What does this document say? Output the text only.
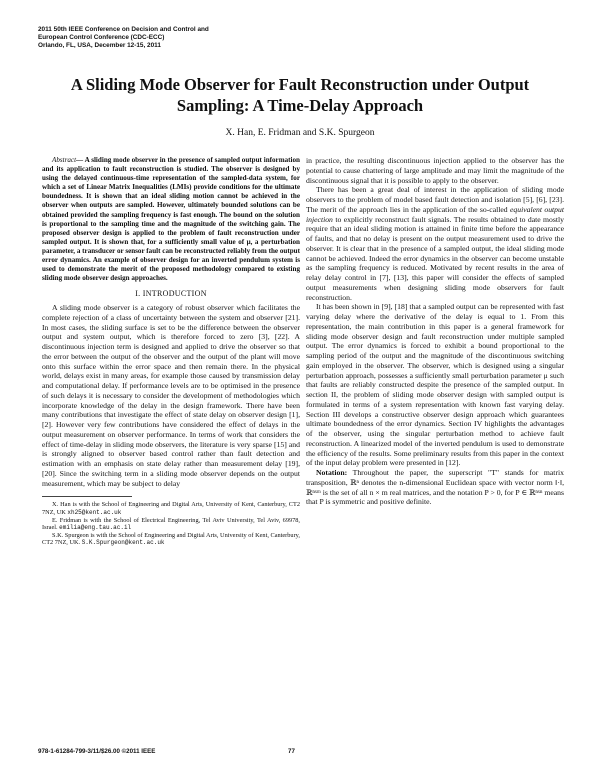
2011 50th IEEE Conference on Decision and Control and
European Control Conference (CDC-ECC)
Orlando, FL, USA, December 12-15, 2011
A Sliding Mode Observer for Fault Reconstruction under Output
Sampling: A Time-Delay Approach
X. Han, E. Fridman and S.K. Spurgeon

Abstract— A sliding mode observer in the presence of sampled output information and its application to fault reconstruction is studied. The observer is designed by using the delayed continuous-time representation of the sampled-data system, for which a set of Linear Matrix Inequalities (LMIs) provide conditions for the ultimate boundedness. It is shown that an ideal sliding motion cannot be achieved in the observer when outputs are sampled. However, ultimately bounded solutions can be obtained provided the sampling frequency is fast enough. The bound on the solution is proportional to the sampling time and the magnitude of the switching gain. The proposed observer design is applied to the problem of fault reconstruction under sampled output. It is shown that, for a sufficiently small value of μ, a perturbation parameter, a transducer or sensor fault can be reconstructed reliably from the output error dynamics. An example of observer design for an inverted pendulum system is used to demonstrate the merit of the proposed methodology compared to existing sliding mode observer design approaches.

I. INTRODUCTION

A sliding mode observer is a category of robust observer which facilitates the complete rejection of a class of uncertainty between the system and observer [21]. In most cases, the sliding surface is set to be the difference between the observer output and system output, which is therefore forced to zero [3], [22]. A discontinuous injection term is designed and applied to drive the observer so that the error between the output of the observer and the output of the plant will move onto this surface within the error space and then remain there. In the physical world, delays exist in many areas, for example those caused by transmission delay and computational delay. If performance levels are to be optimised in the presence of such delays it is necessary to consider the development of methodologies which incorporate knowledge of the delay in the design framework. There have been many contributions that investigate the effect of state delay on observer design [1], [2]. However very few contributions have considered the effect of delays in the output measurement on observer performance. In terms of work that considers the effect of time-delay in sliding mode observers, the literature is very sparse [15] and is strongly aligned to observer based control rather than fault detection and estimation with an emphasis on state delay rather than measurement delay [19], [20]. Since the switching term in a sliding mode observer depends on the output measurement, which may be subject to delay

X. Han is with the School of Engineering and Digital Arts, University of Kent, Canterbury, CT2 7NZ, UK xh25@kent.ac.uk

E. Fridman is with the School of Electrical Engineering, Tel Aviv University, Tel Aviv, 69978, Israel. emilia@eng.tau.ac.il

S.K. Spurgeon is with the School of Engineering and Digital Arts, University of Kent, Canterbury, CT2 7NZ, UK. S.K.Spurgeon@kent.ac.uk

in practice, the resulting discontinuous injection applied to the observer has the potential to cause chattering of large amplitude and may limit the magnitude of the discontinuous signal that it is possible to apply to the observer.

There has been a great deal of interest in the application of sliding mode observers to the problem of model based fault detection and isolation [5], [6], [23]. The merit of the approach lies in the application of the so-called equivalent output injection to explicitly reconstruct fault signals. The results obtained to date mostly require that an ideal sliding motion is attained in finite time before the appearance of faults, and that no delay is present on the output measurement used to drive the observer. It is clear that in the presence of a sampled output, the ideal sliding mode cannot be achieved. Indeed the error dynamics in the observer can become unstable as the sampling frequency is reduced. Motivated by recent results in the area of relay delay control in [7], [13], this paper will consider the effects of sampled output measurements when designing sliding mode observers for fault reconstruction.

It has been shown in [9], [18] that a sampled output can be represented with fast varying delay where the derivative of the delay is equal to 1. From this representation, the main contribution in this paper is a general framework for sliding mode observer design and fault reconstruction under multiple sampled output. The error dynamics is forced to exhibit a bound proportional to the sampling period of the output and the magnitude of the discontinuous switching gain employed in the observer. The observer, which is designed using a singular perturbation approach, possesses a sufficiently small perturbation parameter μ such that faults are reliably constructed despite the presence of the sampled output. In section II, the problem of sliding mode observer design with sampled output is formulated in terms of a system representation with known fast varying delay. Section III develops a constructive observer design approach which guarantees ultimate boundedness of the error dynamics. Section IV highlights the advantages of the observer, using the singular perturbation method to achieve fault reconstruction. A linearized model of the inverted pendulum is used to demonstrate the efficiency of the results. Some preliminary results from this paper in the context of the input delay problem were presented in [12].

Notation: Throughout the paper, the superscript "T" stands for matrix transposition, ℝⁿ denotes the n-dimensional Euclidean space with vector norm ‖·‖, ℝⁿˣᵐ is the set of all n × m real matrices, and the notation P > 0, for P ∈ ℝⁿˣⁿ means that P is symmetric and positive definite.

978-1-61284-799-3/11/$26.00 ©2011 IEEE	77
